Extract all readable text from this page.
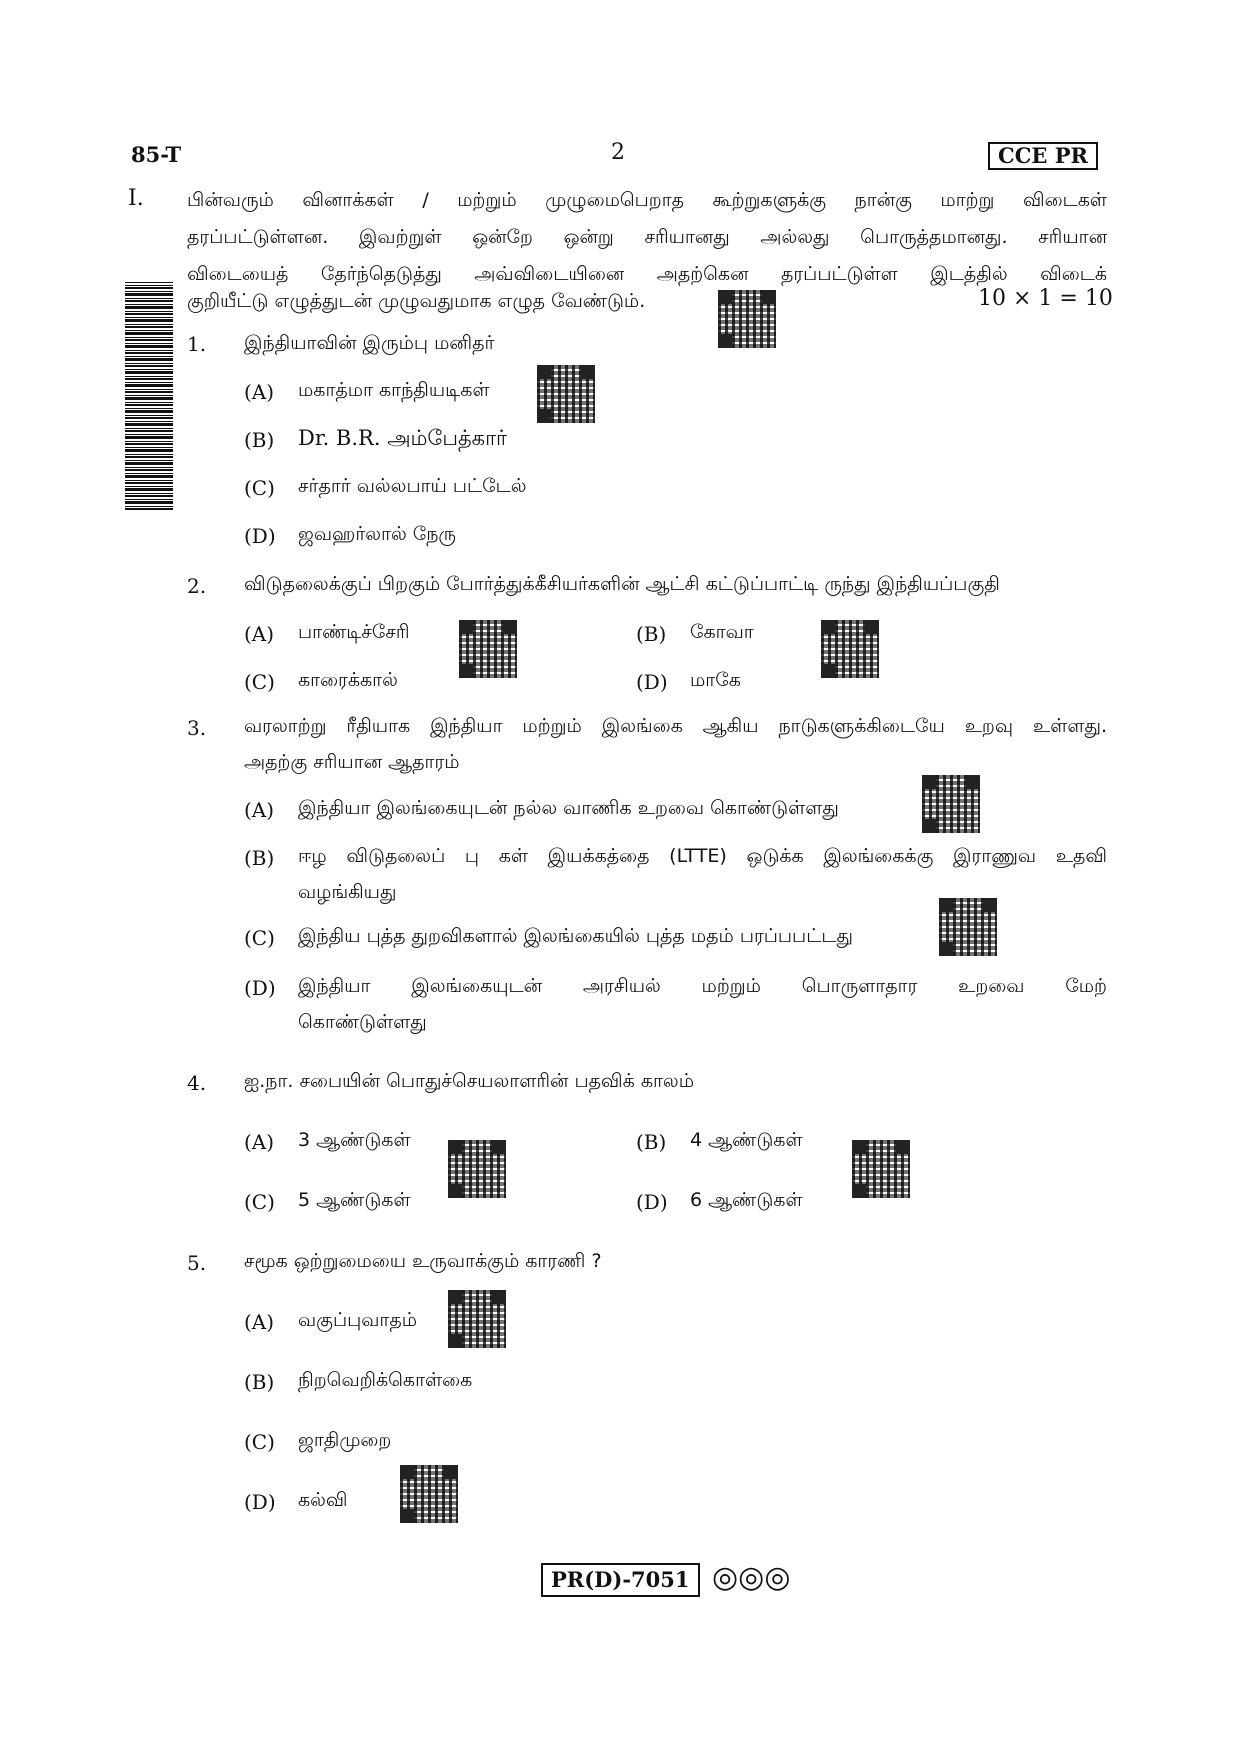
85-T	2	CCE PR
I. பின்வரும் வினாக்கள் / மற்றும் முழுமைபெறாத கூற்றுகளுக்கு நான்கு மாற்று விடைகள்
தரப்பட்டுள்ளன. இவற்றுள் ஒன்றே ஒன்று சரியானது அல்லது பொருத்தமானது. சரியான
விடையைத் தேர்ந்தெடுத்து அவ்விடையினை அதற்கென தரப்பட்டுள்ள இடத்தில் விடைக்
குறியீட்டு எழுத்துடன் முழுவதுமாக எழுத வேண்டும்.	10 × 1 = 10
1. இந்தியாவின் இரும்பு மனிதர்
(A) மகாத்மா காந்தியடிகள்
(B) Dr. B.R. அம்பேத்கார்
(C) சர்தார் வல்லபாய் பட்டேல்
(D) ஜவஹர்லால் நேரு
2. விடுதலைக்குப் பிறகும் போர்த்துக்கீசியர்களின் ஆட்சி கட்டுப்பாட்டி ருந்து இந்தியப்பகுதி
(A) பாண்டிச்சேரி	(B) கோவா
(C) காரைக்கால்	(D) மாகே
3. வரலாற்று ரீதியாக இந்தியா மற்றும் இலங்கை ஆகிய நாடுகளுக்கிடையே உறவு உள்ளது.
அதற்கு சரியான ஆதாரம்
(A) இந்தியா இலங்கையுடன் நல்ல வாணிக உறவை கொண்டுள்ளது
(B) ஈழ விடுதலைப் பு கள் இயக்கத்தை (LTTE) ஒடுக்க இலங்கைக்கு இராணுவ உதவி
வழங்கியது
(C) இந்திய புத்த துறவிகளால் இலங்கையில் புத்த மதம் பரப்பபட்டது
(D) இந்தியா இலங்கையுடன் அரசியல் மற்றும் பொருளாதார உறவை மேற்
கொண்டுள்ளது
4. ஐ.நா. சபையின் பொதுச்செயலாளரின் பதவிக் காலம்
(A) 3 ஆண்டுகள்	(B) 4 ஆண்டுகள்
(C) 5 ஆண்டுகள்	(D) 6 ஆண்டுகள்
5. சமூக ஒற்றுமையை உருவாக்கும் காரணி ?
(A) வகுப்புவாதம்
(B) நிறவெறிக்கொள்கை
(C) ஜாதிமுறை
(D) கல்வி
PR(D)-7051 ◎◎◎
